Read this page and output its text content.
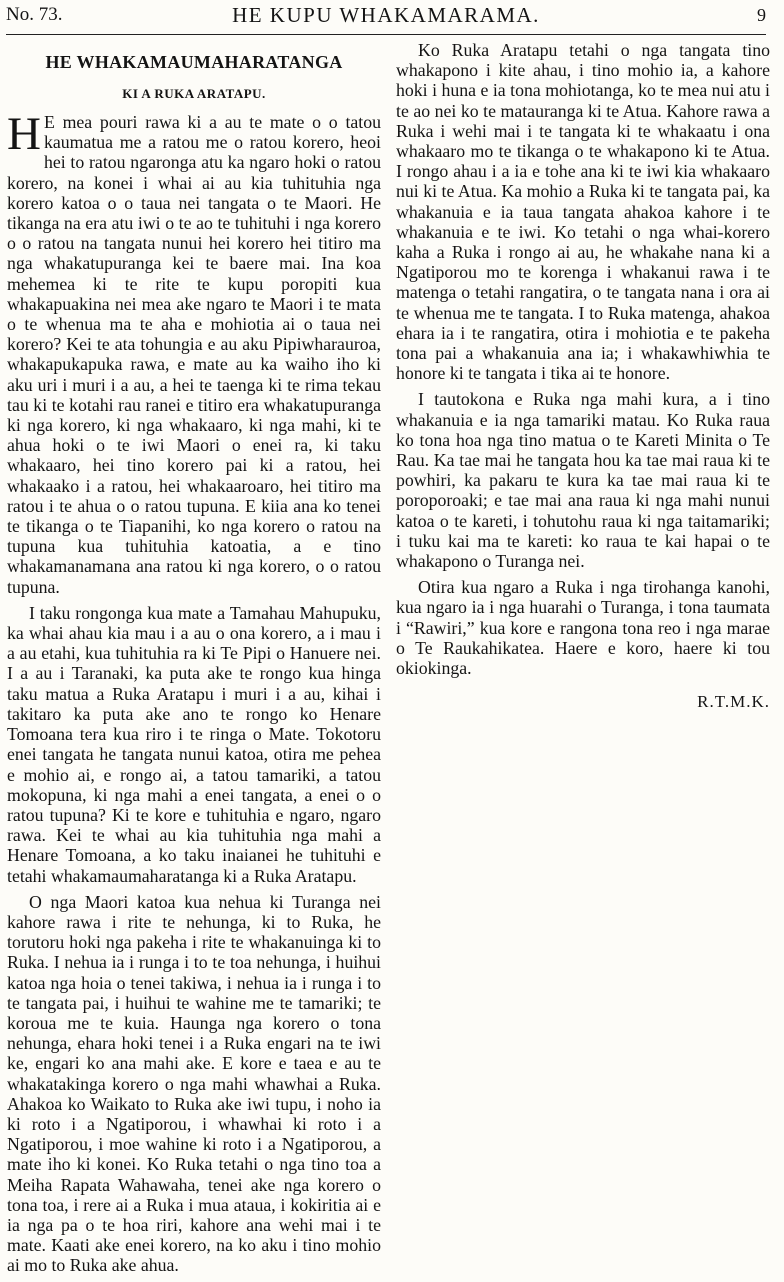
No. 73.	HE KUPU WHAKAMARAMA.	9
HE WHAKAMAUMAHARATANGA
KI A RUKA ARATAPU.

H E mea pouri rawa ki a au te mate o o tatou kaumatua me a ratou me o ratou korero, heoi hei to ratou ngaronga atu ka ngaro hoki o ratou korero, na konei i whai ai au kia tuhituhia nga korero katoa o o taua nei tangata o te Maori. He tikanga na era atu iwi o te ao te tuhituhi i nga korero o o ratou na tangata nunui hei korero hei titiro ma nga whakatupuranga kei te baere mai. Ina koa mehemea ki te rite te kupu poropiti kua whakapuakina nei mea ake ngaro te Maori i te mata o te whenua ma te aha e mohiotia ai o taua nei korero? Kei te ata tohungia e au aku Pipiwharauroa, whakapukapuka rawa, e mate au ka waiho iho ki aku uri i muri i a au, a hei te taenga ki te rima tekau tau ki te kotahi rau ranei e titiro era whakatupuranga ki nga korero, ki nga whakaaro, ki nga mahi, ki te ahua hoki o te iwi Maori o enei ra, ki taku whakaaro, hei tino korero pai ki a ratou, hei whakaako i a ratou, hei whakaaroaro, hei titiro ma ratou i te ahua o o ratou tupuna. E kiia ana ko tenei te tikanga o te Tiapanihi, ko nga korero o ratou na tupuna kua tuhituhia katoatia, a e tino whakamanamana ana ratou ki nga korero, o o ratou tupuna.

I taku rongonga kua mate a Tamahau Mahupuku, ka whai ahau kia mau i a au o ona korero, a i mau i a au etahi, kua tuhituhia ra ki Te Pipi o Hanuere nei. I a au i Taranaki, ka puta ake te rongo kua hinga taku matua a Ruka Aratapu i muri i a au, kihai i takitaro ka puta ake ano te rongo ko Henare Tomoana tera kua riro i te ringa o Mate. Tokotoru enei tangata he tangata nunui katoa, otira me pehea e mohio ai, e rongo ai, a tatou tamariki, a tatou mokopuna, ki nga mahi a enei tangata, a enei o o ratou tupuna? Ki te kore e tuhituhia e ngaro, ngaro rawa. Kei te whai au kia tuhituhia nga mahi a Henare Tomoana, a ko taku inaianei he tuhituhi e tetahi whakamaumaharatanga ki a Ruka Aratapu.

O nga Maori katoa kua nehua ki Turanga nei kahore rawa i rite te nehunga, ki to Ruka, he torutoru hoki nga pakeha i rite te whakanuinga ki to Ruka. I nehua ia i runga i to te toa nehunga, i huihui katoa nga hoia o tenei takiwa, i nehua ia i runga i to te tangata pai, i huihui te wahine me te tamariki; te koroua me te kuia. Haunga nga korero o tona nehunga, ehara hoki tenei i a Ruka engari na te iwi ke, engari ko ana mahi ake. E kore e taea e au te whakatakinga korero o nga mahi whawhai a Ruka. Ahakoa ko Waikato to Ruka ake iwi tupu, i noho ia ki roto i a Ngatiporou, i whawhai ki roto i a Ngatiporou, i moe wahine ki roto i a Ngatiporou, a mate iho ki konei. Ko Ruka tetahi o nga tino toa a Meiha Rapata Wahawaha, tenei ake nga korero o tona toa, i rere ai a Ruka i mua ataua, i kokiritia ai e ia nga pa o te hoa riri, kahore ana wehi mai i te mate. Kaati ake enei korero, na ko aku i tino mohio ai mo to Ruka ake ahua.

Ko Ruka Aratapu tetahi o nga tangata tino whakapono i kite ahau, i tino mohio ia, a kahore hoki i huna e ia tona mohiotanga, ko te mea nui atu i te ao nei ko te matauranga ki te Atua. Kahore rawa a Ruka i wehi mai i te tangata ki te whakaatu i ona whakaaro mo te tikanga o te whakapono ki te Atua. I rongo ahau i a ia e tohe ana ki te iwi kia whakaaro nui ki te Atua. Ka mohio a Ruka ki te tangata pai, ka whakanuia e ia taua tangata ahakoa kahore i te whakanuia e te iwi. Ko tetahi o nga whai-korero kaha a Ruka i rongo ai au, he whakahe nana ki a Ngatiporou mo te korenga i whakanui rawa i te matenga o tetahi rangatira, o te tangata nana i ora ai te whenua me te tangata. I to Ruka matenga, ahakoa ehara ia i te rangatira, otira i mohiotia e te pakeha tona pai a whakanuia ana ia; i whakawhiwhia te honore ki te tangata i tika ai te honore.

I tautokona e Ruka nga mahi kura, a i tino whakanuia e ia nga tamariki matau. Ko Ruka raua ko tona hoa nga tino matua o te Kareti Minita o Te Rau. Ka tae mai he tangata hou ka tae mai raua ki te powhiri, ka pakaru te kura ka tae mai raua ki te poroporoaki; e tae mai ana raua ki nga mahi nunui katoa o te kareti, i tohutohu raua ki nga taitamariki; i tuku kai ma te kareti: ko raua te kai hapai o te whakapono o Turanga nei.

Otira kua ngaro a Ruka i nga tirohanga kanohi, kua ngaro ia i nga huarahi o Turanga, i tona taumata i “Rawiri,” kua kore e rangona tona reo i nga marae o Te Raukahikatea. Haere e koro, haere ki tou okiokinga.

R.T.M.K.
